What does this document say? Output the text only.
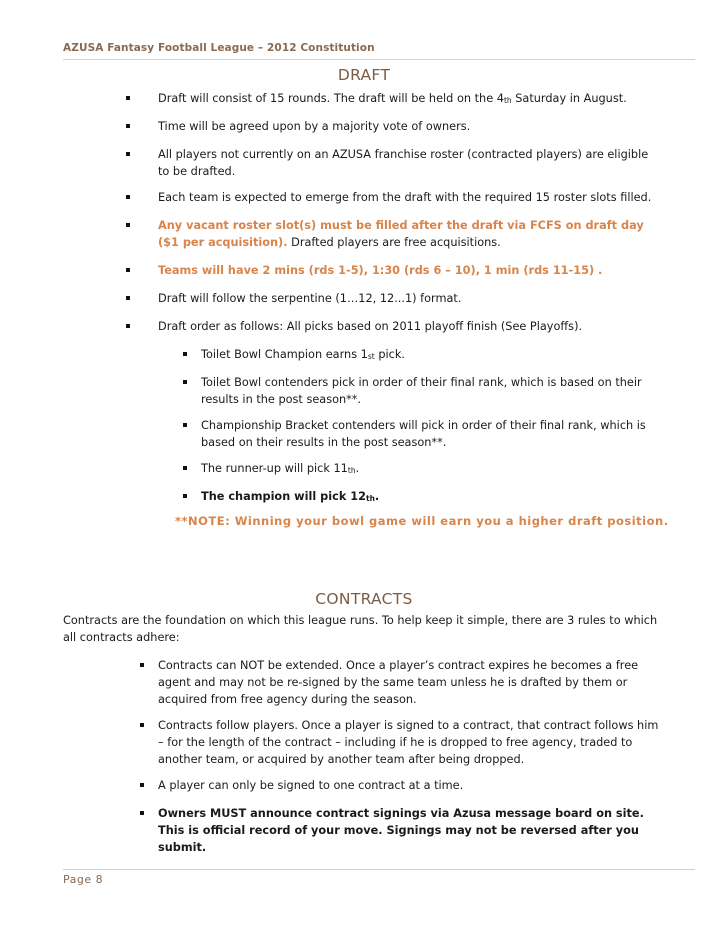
AZUSA Fantasy Football League – 2012 Constitution
DRAFT
Draft will consist of 15 rounds. The draft will be held on the 4th Saturday in August.
Time will be agreed upon by a majority vote of owners.
All players not currently on an AZUSA franchise roster (contracted players) are eligible to be drafted.
Each team is expected to emerge from the draft with the required 15 roster slots filled.
Any vacant roster slot(s) must be filled after the draft via FCFS on draft day ($1 per acquisition). Drafted players are free acquisitions.
Teams will have 2 mins (rds 1-5), 1:30 (rds 6 – 10), 1 min (rds 11-15) .
Draft will follow the serpentine (1…12, 12...1) format.
Draft order as follows: All picks based on 2011 playoff finish (See Playoffs).
Toilet Bowl Champion earns 1st pick.
Toilet Bowl contenders pick in order of their final rank, which is based on their results in the post season**.
Championship Bracket contenders will pick in order of their final rank, which is based on their results in the post season**.
The runner-up will pick 11th.
The champion will pick 12th.
**NOTE: Winning your bowl game will earn you a higher draft position.
CONTRACTS
Contracts are the foundation on which this league runs. To help keep it simple, there are 3 rules to which all contracts adhere:
Contracts can NOT be extended. Once a player’s contract expires he becomes a free agent and may not be re-signed by the same team unless he is drafted by them or acquired from free agency during the season.
Contracts follow players. Once a player is signed to a contract, that contract follows him – for the length of the contract – including if he is dropped to free agency, traded to another team, or acquired by another team after being dropped.
A player can only be signed to one contract at a time.
Owners MUST announce contract signings via Azusa message board on site. This is official record of your move. Signings may not be reversed after you submit.
Page 8
